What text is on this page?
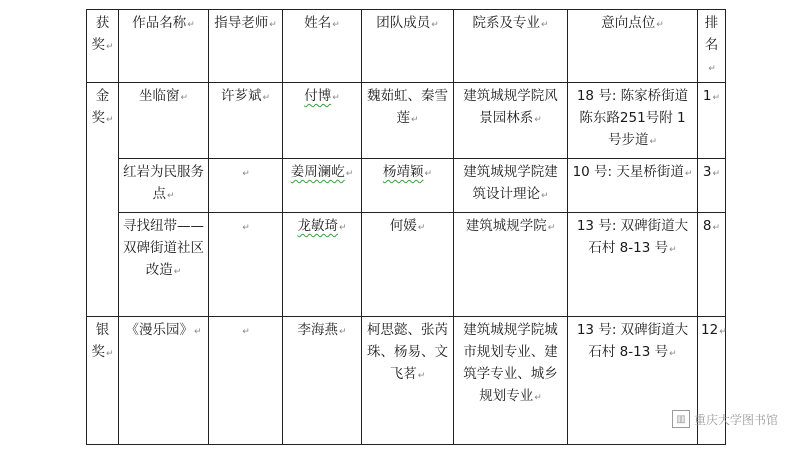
获奖↵	作品名称↵	指导老师↵	姓名↵	团队成员↵	院系及专业↵	意向点位↵	排名↵
金奖↵	坐临窗↵	许芗斌↵	付博↵	魏茹虹、秦雪莲↵	建筑城规学院风景园林系↵	18 号: 陈家桥街道陈东路251号附 1 号步道↵	1↵
	红岩为民服务点↵	↵	姜周澜屹↵	杨靖颖↵	建筑城规学院建筑设计理论↵	10 号: 天星桥街道↵	3↵
	寻找纽带——双碑街道社区改造↵	↵	龙敏琦↵	何媛↵	建筑城规学院↵	13 号: 双碑街道大石村 8-13 号↵	8↵
银奖↵	《漫乐园》↵	↵	李海燕↵	柯思懿、张芮珠、杨易、文飞茗↵	建筑城规学院城市规划专业、建筑学专业、城乡规划专业↵	13 号: 双碑街道大石村 8-13 号↵	12↵
▥ 重庆大学图书馆
